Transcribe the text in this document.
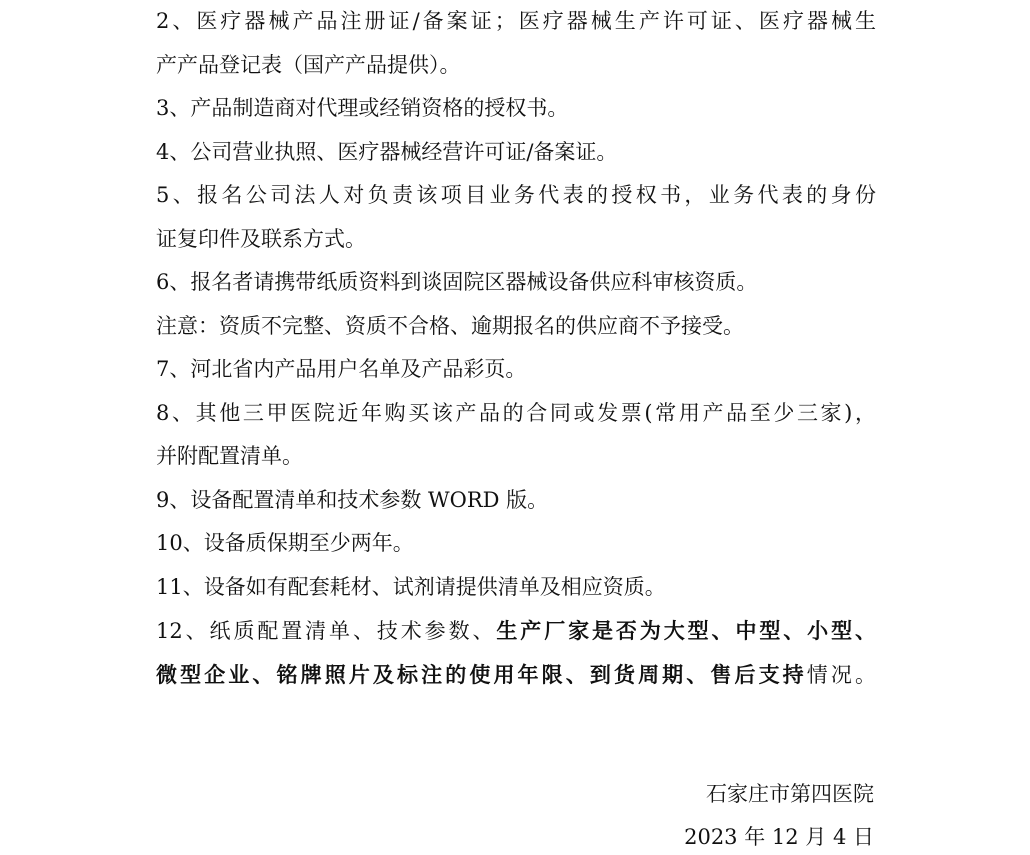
2、医疗器械产品注册证/备案证；医疗器械生产许可证、医疗器械生
产产品登记表（国产产品提供）。
3、产品制造商对代理或经销资格的授权书。
4、公司营业执照、医疗器械经营许可证/备案证。
5、报名公司法人对负责该项目业务代表的授权书，业务代表的身份
证复印件及联系方式。
6、报名者请携带纸质资料到谈固院区器械设备供应科审核资质。
注意：资质不完整、资质不合格、逾期报名的供应商不予接受。
7、河北省内产品用户名单及产品彩页。
8、其他三甲医院近年购买该产品的合同或发票(常用产品至少三家)，
并附配置清单。
9、设备配置清单和技术参数 WORD 版。
10、设备质保期至少两年。
11、设备如有配套耗材、试剂请提供清单及相应资质。
12、纸质配置清单、技术参数、生产厂家是否为大型、中型、小型、
微型企业、铭牌照片及标注的使用年限、到货周期、售后支持情况。
石家庄市第四医院
2023 年 12 月 4 日
